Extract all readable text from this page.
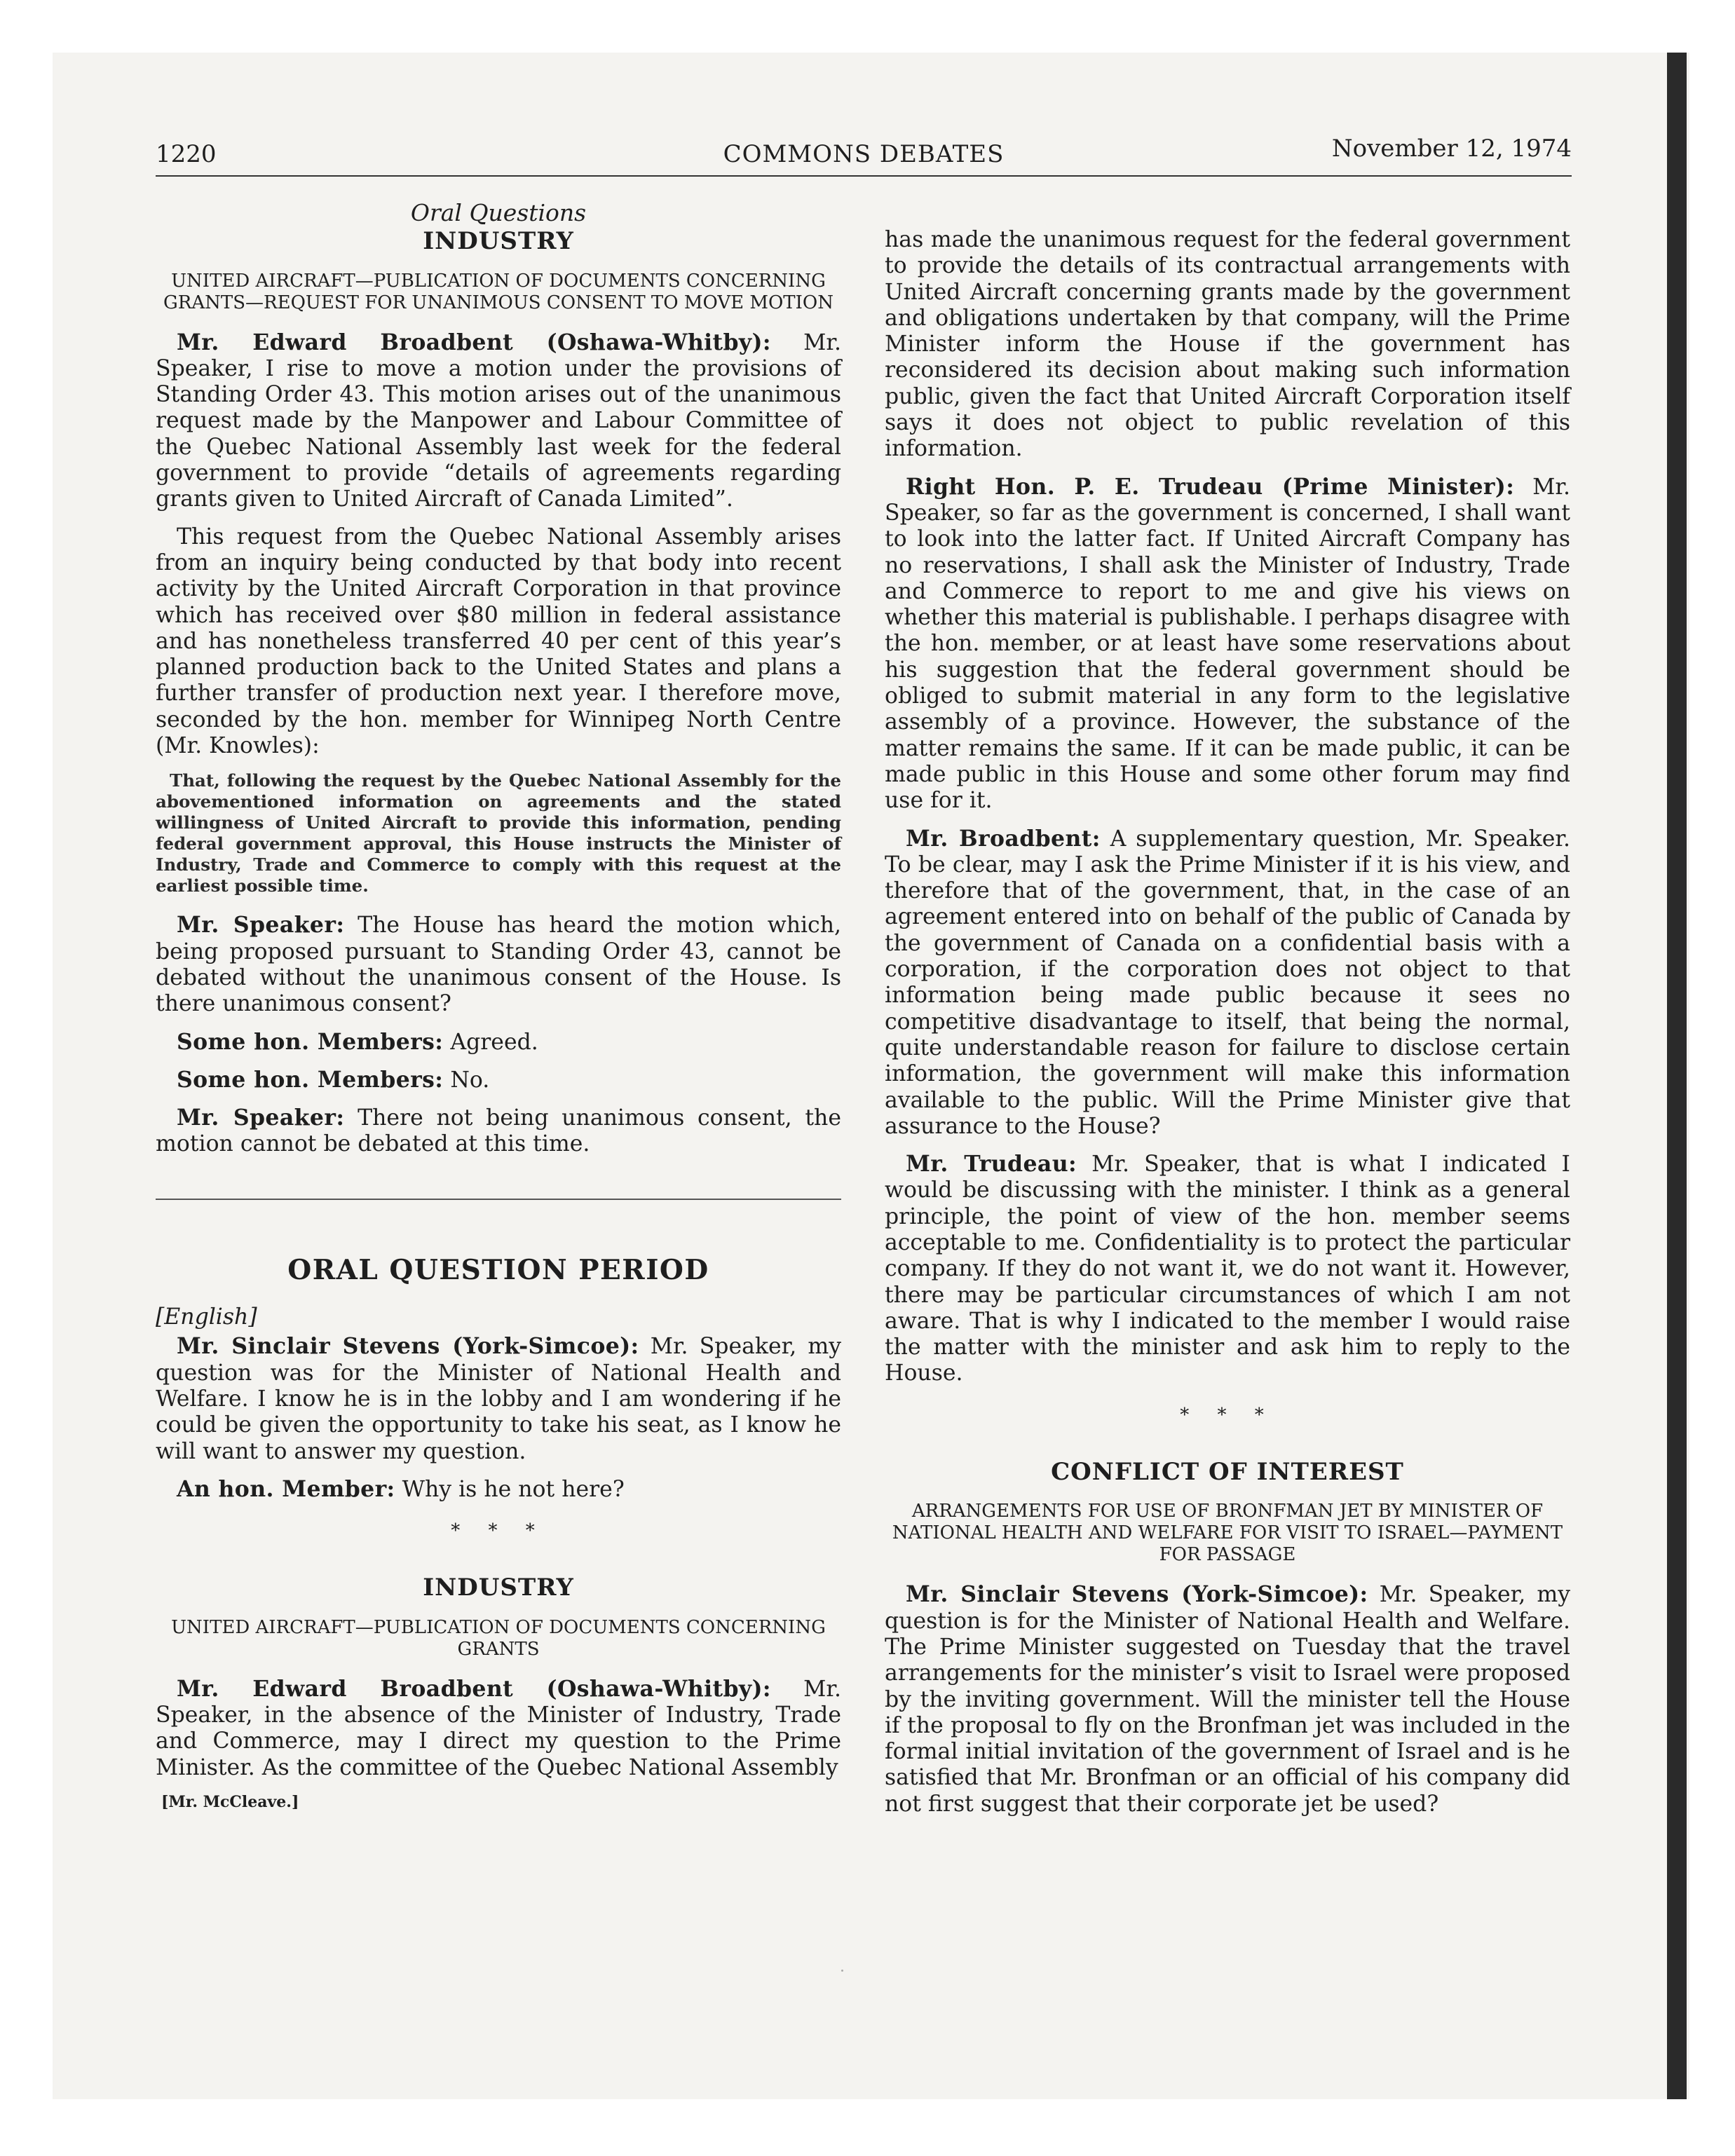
1220	COMMONS DEBATES	November 12, 1974
Oral Questions
INDUSTRY
UNITED AIRCRAFT—PUBLICATION OF DOCUMENTS CONCERNING GRANTS—REQUEST FOR UNANIMOUS CONSENT TO MOVE MOTION

Mr. Edward Broadbent (Oshawa-Whitby): Mr. Speaker, I rise to move a motion under the provisions of Standing Order 43. This motion arises out of the unanimous request made by the Manpower and Labour Committee of the Quebec National Assembly last week for the federal government to provide “details of agreements regarding grants given to United Aircraft of Canada Limited”.

This request from the Quebec National Assembly arises from an inquiry being conducted by that body into recent activity by the United Aircraft Corporation in that province which has received over $80 million in federal assistance and has nonetheless transferred 40 per cent of this year’s planned production back to the United States and plans a further transfer of production next year. I therefore move, seconded by the hon. member for Winnipeg North Centre (Mr. Knowles):

That, following the request by the Quebec National Assembly for the abovementioned information on agreements and the stated willingness of United Aircraft to provide this information, pending federal government approval, this House instructs the Minister of Industry, Trade and Commerce to comply with this request at the earliest possible time.

Mr. Speaker: The House has heard the motion which, being proposed pursuant to Standing Order 43, cannot be debated without the unanimous consent of the House. Is there unanimous consent?

Some hon. Members: Agreed.

Some hon. Members: No.

Mr. Speaker: There not being unanimous consent, the motion cannot be debated at this time.

ORAL QUESTION PERIOD

[English]

Mr. Sinclair Stevens (York-Simcoe): Mr. Speaker, my question was for the Minister of National Health and Welfare. I know he is in the lobby and I am wondering if he could be given the opportunity to take his seat, as I know he will want to answer my question.

An hon. Member: Why is he not here?

* * *
INDUSTRY
UNITED AIRCRAFT—PUBLICATION OF DOCUMENTS CONCERNING GRANTS

Mr. Edward Broadbent (Oshawa-Whitby): Mr. Speaker, in the absence of the Minister of Industry, Trade and Commerce, may I direct my question to the Prime Minister. As the committee of the Quebec National Assembly

[Mr. McCleave.]

has made the unanimous request for the federal government to provide the details of its contractual arrangements with United Aircraft concerning grants made by the government and obligations undertaken by that company, will the Prime Minister inform the House if the government has reconsidered its decision about making such information public, given the fact that United Aircraft Corporation itself says it does not object to public revelation of this information.

Right Hon. P. E. Trudeau (Prime Minister): Mr. Speaker, so far as the government is concerned, I shall want to look into the latter fact. If United Aircraft Company has no reservations, I shall ask the Minister of Industry, Trade and Commerce to report to me and give his views on whether this material is publishable. I perhaps disagree with the hon. member, or at least have some reservations about his suggestion that the federal government should be obliged to submit material in any form to the legislative assembly of a province. However, the substance of the matter remains the same. If it can be made public, it can be made public in this House and some other forum may find use for it.

Mr. Broadbent: A supplementary question, Mr. Speaker. To be clear, may I ask the Prime Minister if it is his view, and therefore that of the government, that, in the case of an agreement entered into on behalf of the public of Canada by the government of Canada on a confidential basis with a corporation, if the corporation does not object to that information being made public because it sees no competitive disadvantage to itself, that being the normal, quite understandable reason for failure to disclose certain information, the government will make this information available to the public. Will the Prime Minister give that assurance to the House?

Mr. Trudeau: Mr. Speaker, that is what I indicated I would be discussing with the minister. I think as a general principle, the point of view of the hon. member seems acceptable to me. Confidentiality is to protect the particular company. If they do not want it, we do not want it. However, there may be particular circumstances of which I am not aware. That is why I indicated to the member I would raise the matter with the minister and ask him to reply to the House.

* * *
CONFLICT OF INTEREST
ARRANGEMENTS FOR USE OF BRONFMAN JET BY MINISTER OF NATIONAL HEALTH AND WELFARE FOR VISIT TO ISRAEL—PAYMENT FOR PASSAGE

Mr. Sinclair Stevens (York-Simcoe): Mr. Speaker, my question is for the Minister of National Health and Welfare. The Prime Minister suggested on Tuesday that the travel arrangements for the minister’s visit to Israel were proposed by the inviting government. Will the minister tell the House if the proposal to fly on the Bronfman jet was included in the formal initial invitation of the government of Israel and is he satisfied that Mr. Bronfman or an official of his company did not first suggest that their corporate jet be used?
